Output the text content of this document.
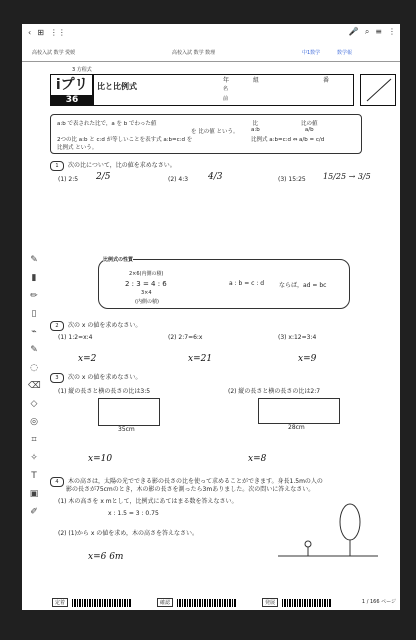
‹ ⊞ ⋮⋮	🎤 ⌕ ≡ ⋮
高校入試 数学 愛媛	高校入試 数学 数理	中1数学	数学報
✎
▮
✏
▯
⌁
✎
◌
⌫
◇
◎
⌗
✧
T
▣
✐
3 方程式
iプリ
36
比と比例式
年	組	番
名
前
a:b で表された比で，a を b でわった値
を 比の値 という。
2つの比 a:b と c:d が等しいことを表す式 a:b=c:d を
比例式 という。
比
a:b
比の値
a/b
比例式 a:b=c:d ⇔ a/b = c/d
1 次の比について，比の値を求めなさい。
(1) 2:5 2/5	(2) 4:3 4/3	(3) 15:25 15/25 → 3/5
比例式の性質
2×6(内側の積)
2 : 3 = 4 : 6
3×4
(内側の積)
a : b = c : d ならば，ad = bc
2 次の x の値を求めなさい。
(1) 1:2=x:4
x=2
(2) 2:7=6:x
x=21
(3) x:12=3:4
x=9
3 次の x の値を求めなさい。
(1) 縦の長さと横の長さの比は3:5
35cm
x=10
(2) 縦の長さと横の長さの比は2:7
28cm
x=8
4 木の高さは，太陽の光でできる影の長さの比を使って求めることができます。身長1.5mの人の
影の長さが75cmのとき，木の影の長さを測ったら3mありました。次の問いに答えなさい。
(1) 木の高さを x mとして，比例式にあてはまる数を答えなさい。
x : 1.5 = 3 : 0.75
(2) (1)から x の値を求め，木の高さを答えなさい。
x=6 6m
定着	確認	発展	1 / 166 ページ
